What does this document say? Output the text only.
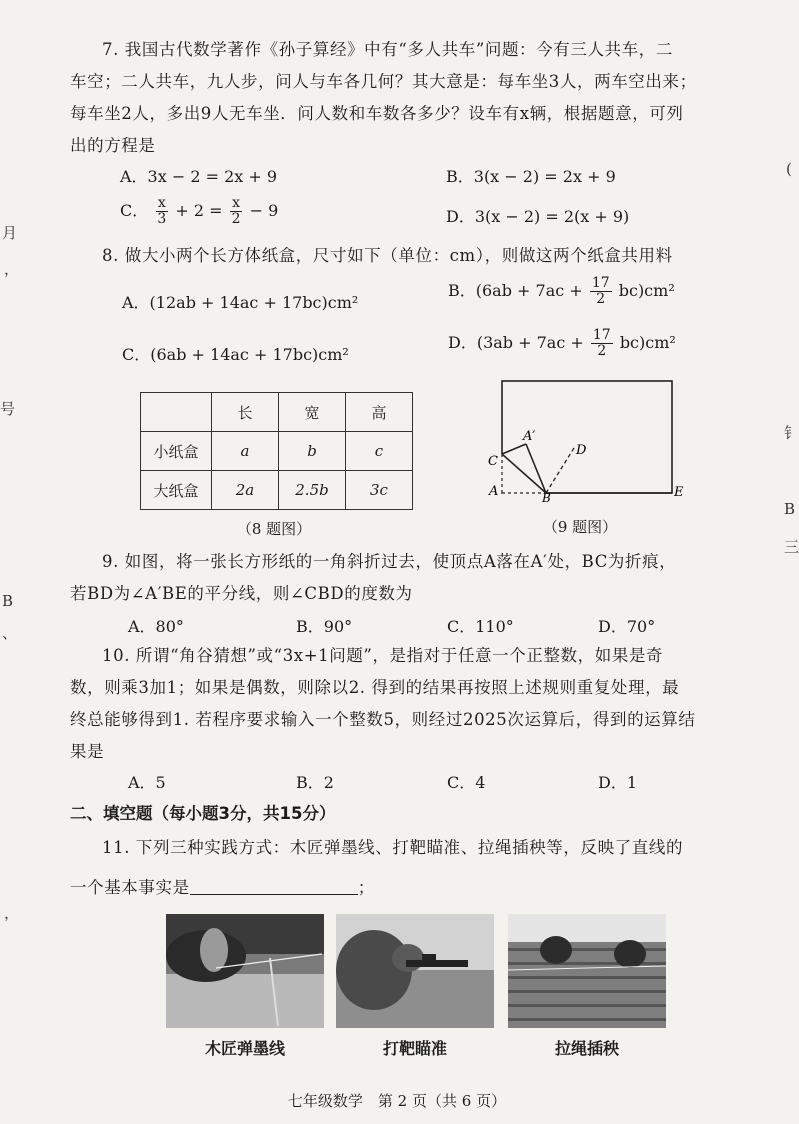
(
月
，
号
B
、
，
钅
B
三
7. 我国古代数学著作《孙子算经》中有“多人共车”问题：今有三人共车，二
车空；二人共车，九人步，问人与车各几何？其大意是：每车坐3人，两车空出来；
每车坐2人，多出9人无车坐．问人数和车数各多少？设车有x辆，根据题意，可列
出的方程是
A．3x − 2 = 2x + 9	B．3(x − 2) = 2x + 9
C． $\frac{x}{3} + 2 = \frac{x}{2} - 9$	D．3(x − 2) = 2(x + 9)
8. 做大小两个长方体纸盒，尺寸如下（单位：cm），则做这两个纸盒共用料
A．(12ab + 14ac + 17bc)cm²
B．$(6ab + 7ac + \frac{17}{2} bc)cm^2$
C．(6ab + 14ac + 17bc)cm²
D．$(3ab + 7ac + \frac{17}{2} bc)cm^2$
	长	宽	高
小纸盒	a	b	c
大纸盒	2a	2.5b	3c
（8 题图）
A′
C
D
A	B	E
（9 题图）
9. 如图，将一张长方形纸的一角斜折过去，使顶点A落在A′处，BC为折痕，
若BD为∠A′BE的平分线，则∠CBD的度数为
A．80°	B．90°	C．110°	D．70°
10. 所谓“角谷猜想”或“3x+1问题”，是指对于任意一个正整数，如果是奇
数，则乘3加1；如果是偶数，则除以2. 得到的结果再按照上述规则重复处理，最
终总能够得到1. 若程序要求输入一个整数5，则经过2025次运算后，得到的运算结
果是
A．5	B．2	C．4	D．1
二、填空题（每小题3分，共15分）
11. 下列三种实践方式：木匠弹墨线、打靶瞄准、拉绳插秧等，反映了直线的
一个基本事实是	；
木匠弹墨线	打靶瞄准	拉绳插秧
七年级数学　第 2 页（共 6 页）
